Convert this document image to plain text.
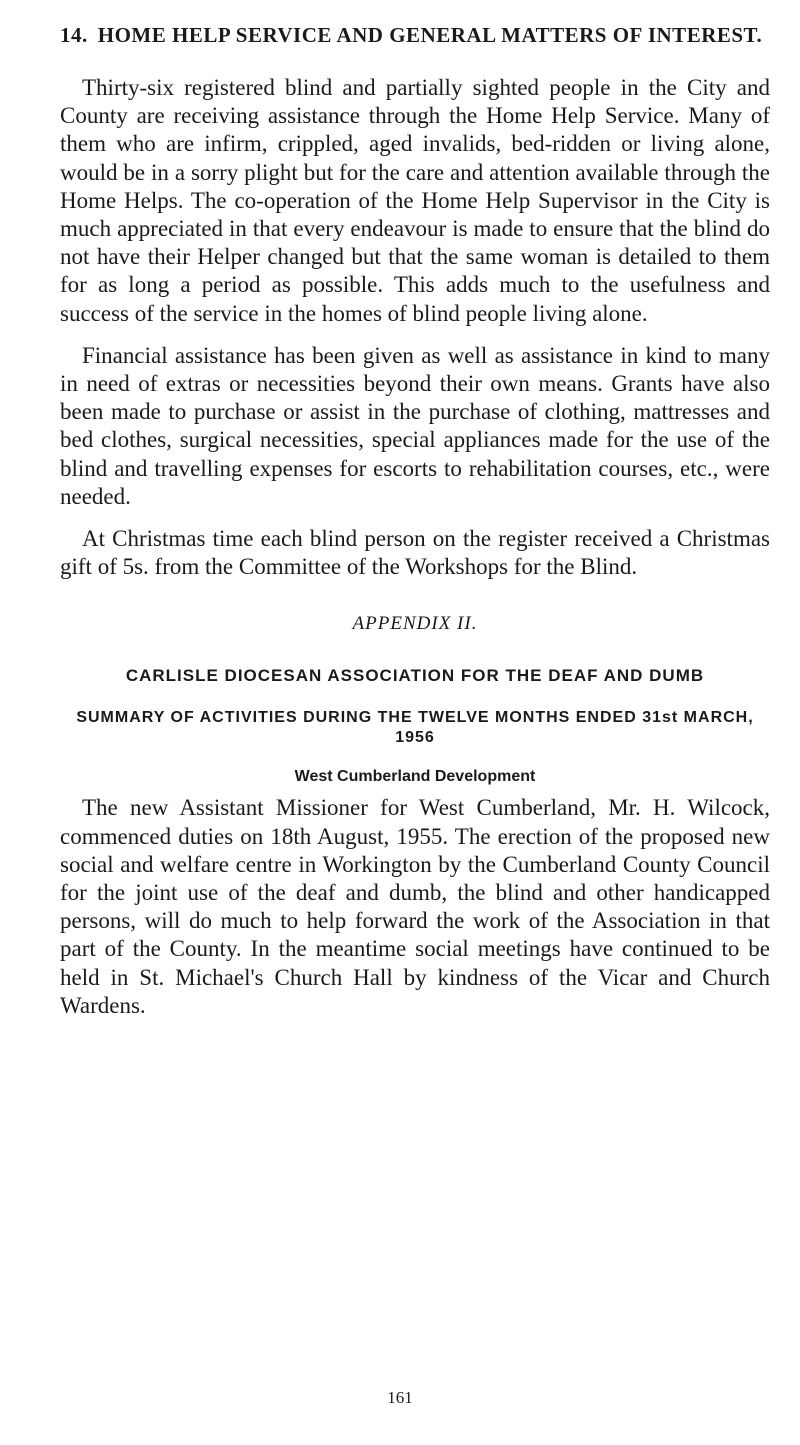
14. HOME HELP SERVICE AND GENERAL MATTERS OF INTEREST.

Thirty-six registered blind and partially sighted people in the City and County are receiving assistance through the Home Help Service. Many of them who are infirm, crippled, aged invalids, bed-ridden or living alone, would be in a sorry plight but for the care and attention available through the Home Helps. The co-operation of the Home Help Supervisor in the City is much appreciated in that every endeavour is made to ensure that the blind do not have their Helper changed but that the same woman is detailed to them for as long a period as possible. This adds much to the usefulness and success of the service in the homes of blind people living alone.

Financial assistance has been given as well as assistance in kind to many in need of extras or necessities beyond their own means. Grants have also been made to purchase or assist in the purchase of clothing, mattresses and bed clothes, surgical necessities, special appliances made for the use of the blind and travelling expenses for escorts to rehabilitation courses, etc., were needed.

At Christmas time each blind person on the register received a Christmas gift of 5s. from the Committee of the Workshops for the Blind.

APPENDIX II.
CARLISLE DIOCESAN ASSOCIATION FOR THE DEAF AND DUMB
SUMMARY OF ACTIVITIES DURING THE TWELVE MONTHS ENDED 31st MARCH, 1956
West Cumberland Development

The new Assistant Missioner for West Cumberland, Mr. H. Wilcock, commenced duties on 18th August, 1955. The erection of the proposed new social and welfare centre in Workington by the Cumberland County Council for the joint use of the deaf and dumb, the blind and other handicapped persons, will do much to help forward the work of the Association in that part of the County. In the meantime social meetings have continued to be held in St. Michael's Church Hall by kindness of the Vicar and Church Wardens.

161
